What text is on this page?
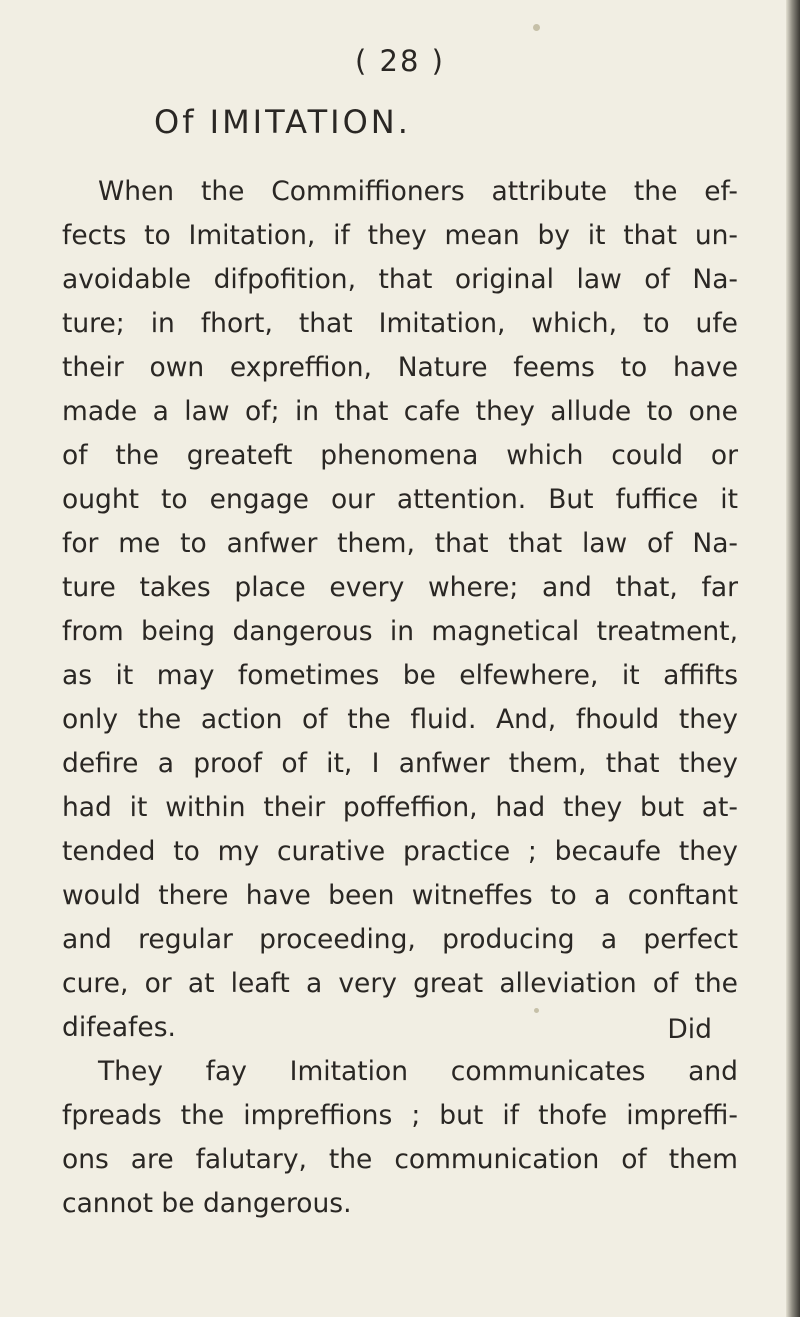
( 28 )
Of IMITATION.
When the Commiffioners attribute the ef-
fects to Imitation, if they mean by it that un-
avoidable difpofition, that original law of Na-
ture; in fhort, that Imitation, which, to ufe
their own expreffion, Nature feems to have
made a law of; in that cafe they allude to one
of the greateft phenomena which could or
ought to engage our attention. But fuffice it
for me to anfwer them, that that law of Na-
ture takes place every where; and that, far
from being dangerous in magnetical treatment,
as it may fometimes be elfewhere, it affifts
only the action of the fluid. And, fhould they
defire a proof of it, I anfwer them, that they
had it within their poffeffion, had they but at-
tended to my curative practice ; becaufe they
would there have been witneffes to a conftant
and regular proceeding, producing a perfect
cure, or at leaft a very great alleviation of the
difeafes.
They fay Imitation communicates and
fpreads the impreffions ; but if thofe impreffi-
ons are falutary, the communication of them
cannot be dangerous.
Did
